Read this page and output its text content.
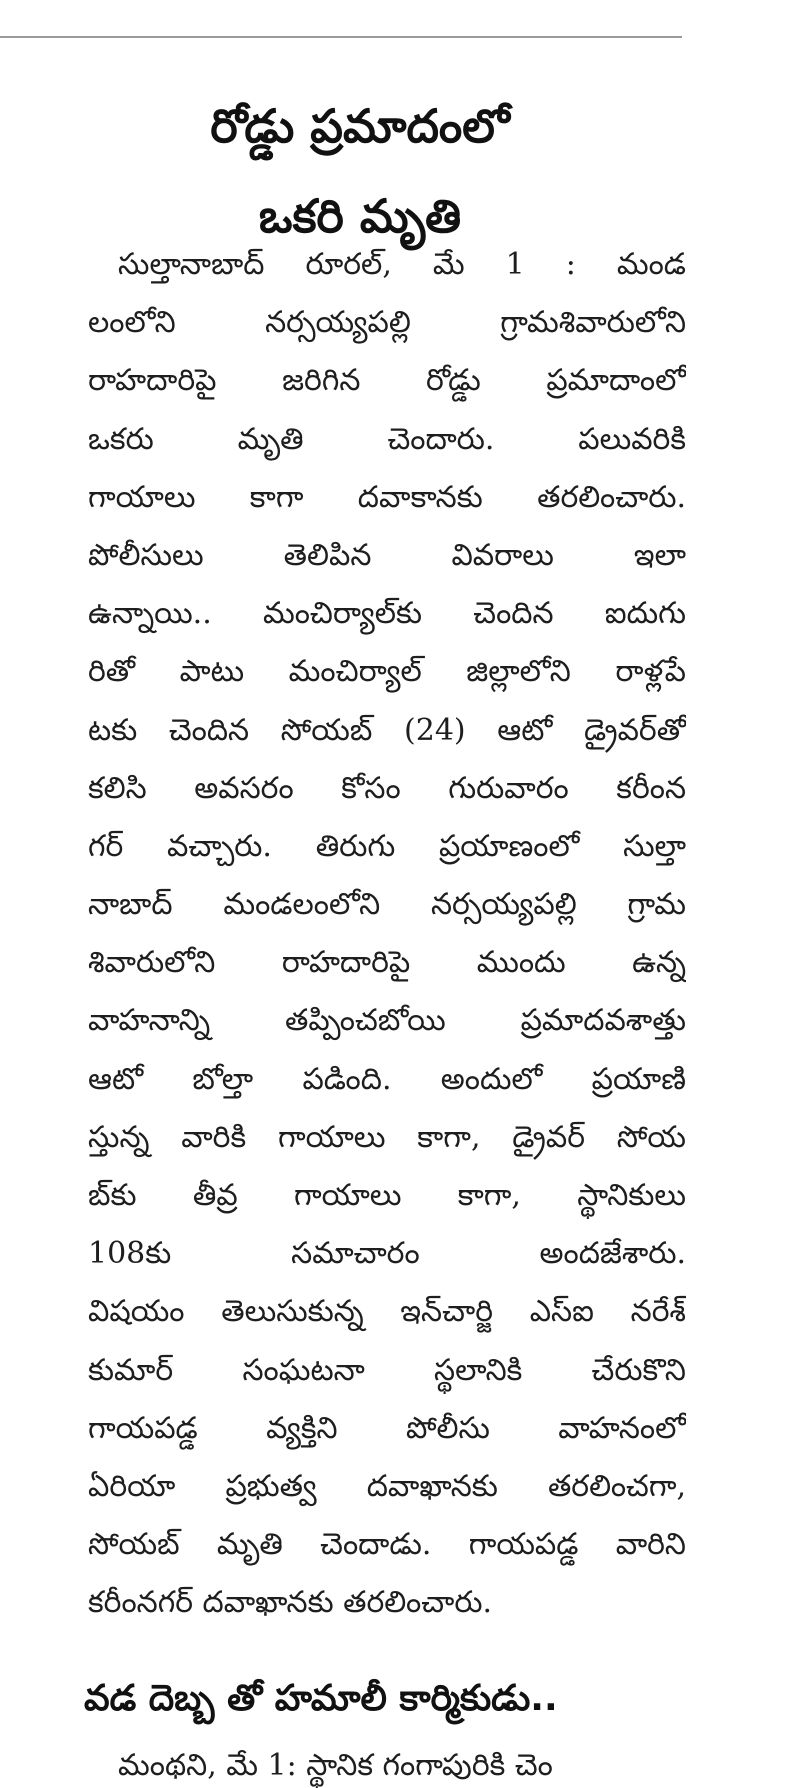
రోడ్డు ప్రమాదంలో
ఒకరి మృతి
సుల్తానాబాద్ రూరల్, మే 1 : మండ
లంలోని నర్సయ్యపల్లి గ్రామశివారులోని
రాహదారిపై జరిగిన రోడ్డు ప్రమాదాంలో
ఒకరు మృతి చెందారు. పలువరికి
గాయాలు కాగా దవాకానకు తరలించారు.
పోలీసులు తెలిపిన వివరాలు ఇలా
ఉన్నాయి.. మంచిర్యాల్‌కు చెందిన ఐదుగు
రితో పాటు మంచిర్యాల్ జిల్లాలోని రాళ్లపే
టకు చెందిన సోయబ్ (24) ఆటో డ్రైవర్‌తో
కలిసి అవసరం కోసం గురువారం కరీంన
గర్ వచ్చారు. తిరుగు ప్రయాణంలో సుల్తా
నాబాద్ మండలంలోని నర్సయ్యపల్లి గ్రామ
శివారులోని రాహదారిపై ముందు ఉన్న
వాహనాన్ని తప్పించబోయి ప్రమాదవశాత్తు
ఆటో బోల్తా పడింది. అందులో ప్రయాణి
స్తున్న వారికి గాయాలు కాగా, డ్రైవర్ సోయ
బ్‌కు తీవ్ర గాయాలు కాగా, స్థానికులు
108కు సమాచారం అందజేశారు.
విషయం తెలుసుకున్న ఇన్‌చార్జి ఎస్ఐ నరేశ్
కుమార్ సంఘటనా స్థలానికి చేరుకొని
గాయపడ్డ వ్యక్తిని పోలీసు వాహనంలో
ఏరియా ప్రభుత్వ దవాఖానకు తరలించగా,
సోయబ్ మృతి చెందాడు. గాయపడ్డ వారిని
కరీంనగర్ దవాఖానకు తరలించారు.
వడ దెబ్బ తో హమాలీ కార్మికుడు..
మంథని, మే 1: స్థానిక గంగాపురికి చెం
